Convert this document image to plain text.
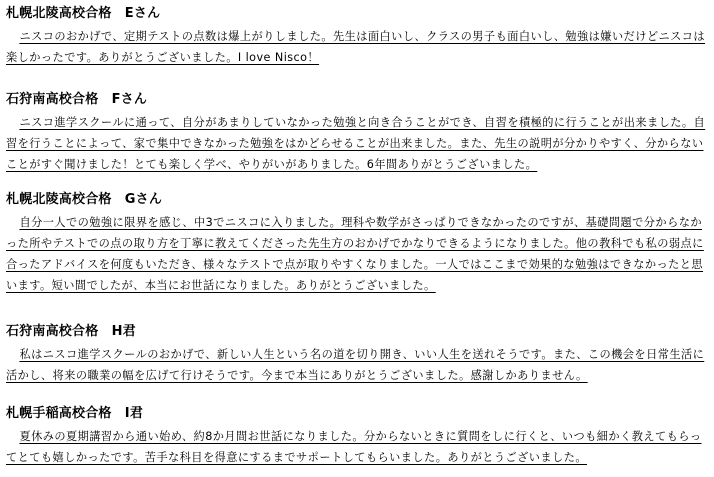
札幌北陵高校合格　Eさん
ニスコのおかげで、定期テストの点数は爆上がりしました。先生は面白いし、クラスの男子も面白いし、勉強は嫌いだけどニスコは楽しかったです。ありがとうございました。I love Nisco！
石狩南高校合格　Fさん
ニスコ進学スクールに通って、自分があまりしていなかった勉強と向き合うことができ、自習を積極的に行うことが出来ました。自習を行うことによって、家で集中できなかった勉強をはかどらせることが出来ました。また、先生の説明が分かりやすく、分からないことがすぐ聞けました！とても楽しく学べ、やりがいがありました。6年間ありがとうございました。
札幌北陵高校合格　Gさん
自分一人での勉強に限界を感じ、中3でニスコに入りました。理科や数学がさっぱりできなかったのですが、基礎問題で分からなかった所やテストでの点の取り方を丁寧に教えてくださった先生方のおかげでかなりできるようになりました。他の教科でも私の弱点に合ったアドバイスを何度もいただき、様々なテストで点が取りやすくなりました。一人ではここまで効果的な勉強はできなかったと思います。短い間でしたが、本当にお世話になりました。ありがとうございました。
石狩南高校合格　H君
私はニスコ進学スクールのおかげで、新しい人生という名の道を切り開き、いい人生を送れそうです。また、この機会を日常生活に活かし、将来の職業の幅を広げて行けそうです。今まで本当にありがとうございました。感謝しかありません。
札幌手稲高校合格　I君
夏休みの夏期講習から通い始め、約8か月間お世話になりました。分からないときに質問をしに行くと、いつも細かく教えてもらってとても嬉しかったです。苦手な科目を得意にするまでサポートしてもらいました。ありがとうございました。
